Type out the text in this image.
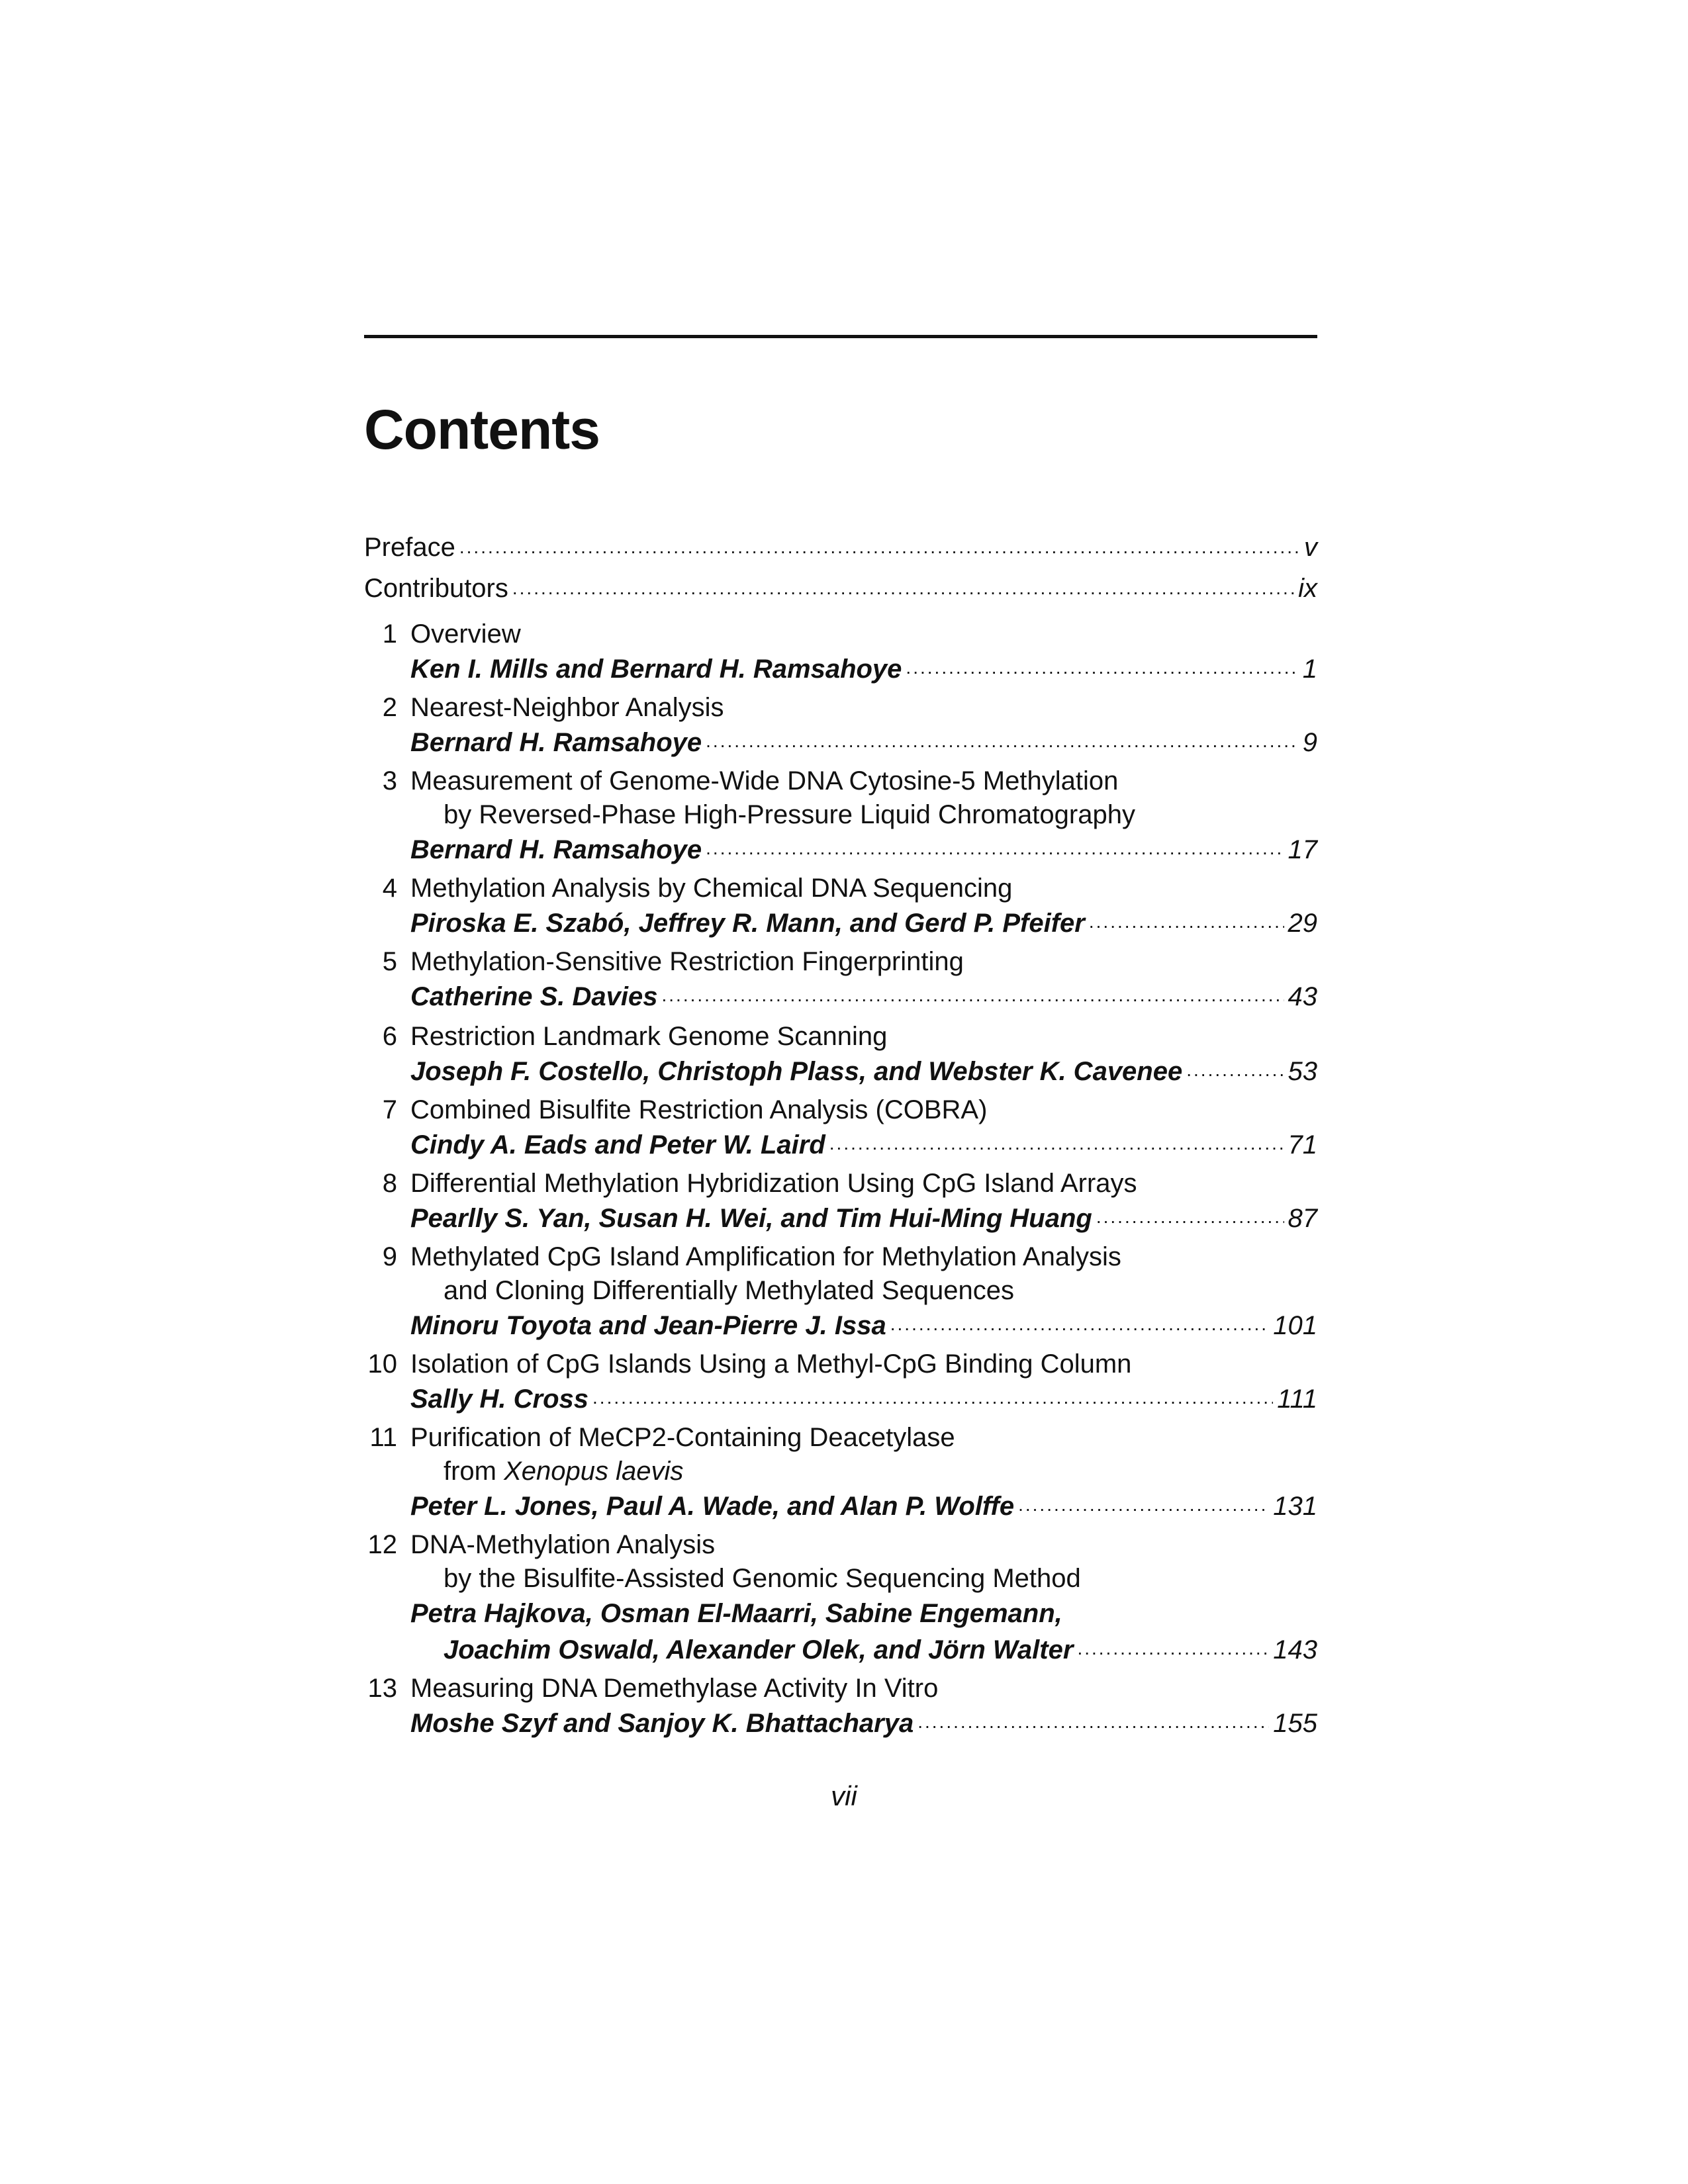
Contents
Preface .....	v
Contributors .....	ix
1 Overview
Ken I. Mills and Bernard H. Ramsahoye .....	1
2 Nearest-Neighbor Analysis
Bernard H. Ramsahoye .....	9
3 Measurement of Genome-Wide DNA Cytosine-5 Methylation
by Reversed-Phase High-Pressure Liquid Chromatography
Bernard H. Ramsahoye .....	17
4 Methylation Analysis by Chemical DNA Sequencing
Piroska E. Szabó, Jeffrey R. Mann, and Gerd P. Pfeifer .....	29
5 Methylation-Sensitive Restriction Fingerprinting
Catherine S. Davies .....	43
6 Restriction Landmark Genome Scanning
Joseph F. Costello, Christoph Plass, and Webster K. Cavenee .....	53
7 Combined Bisulfite Restriction Analysis (COBRA)
Cindy A. Eads and Peter W. Laird .....	71
8 Differential Methylation Hybridization Using CpG Island Arrays
Pearlly S. Yan, Susan H. Wei, and Tim Hui-Ming Huang .....	87
9 Methylated CpG Island Amplification for Methylation Analysis
and Cloning Differentially Methylated Sequences
Minoru Toyota and Jean-Pierre J. Issa .....	101
10 Isolation of CpG Islands Using a Methyl-CpG Binding Column
Sally H. Cross .....	111
11 Purification of MeCP2-Containing Deacetylase
from Xenopus laevis
Peter L. Jones, Paul A. Wade, and Alan P. Wolffe .....	131
12 DNA-Methylation Analysis
by the Bisulfite-Assisted Genomic Sequencing Method
Petra Hajkova, Osman El-Maarri, Sabine Engemann,
Joachim Oswald, Alexander Olek, and Jörn Walter .....	143
13 Measuring DNA Demethylase Activity In Vitro
Moshe Szyf and Sanjoy K. Bhattacharya .....	155
vii
